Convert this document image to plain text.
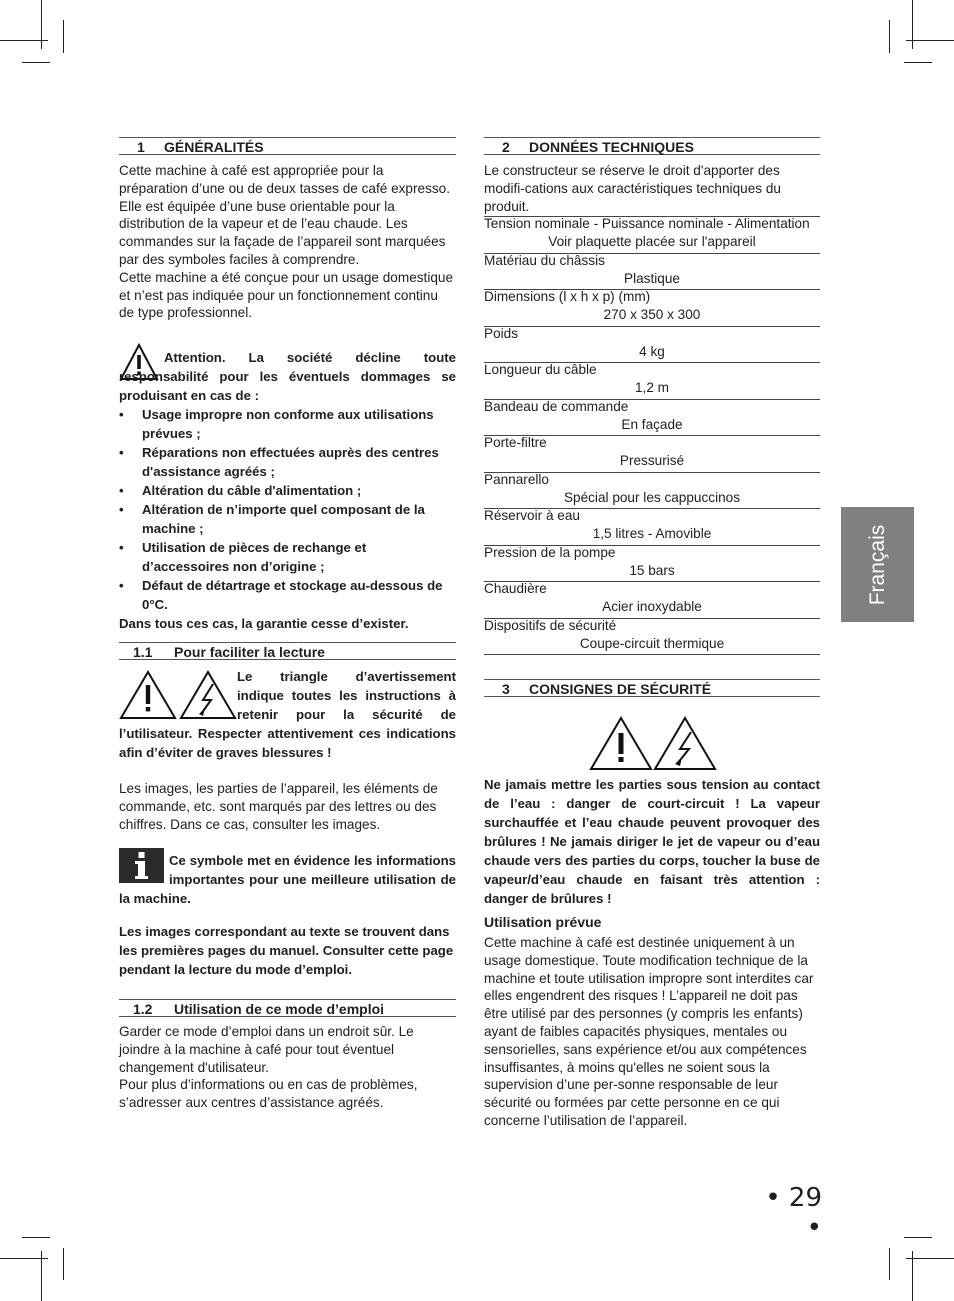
1 GÉNÉRALITÉS
Cette machine à café est appropriée pour la préparation d’une ou de deux tasses de café expresso. Elle est équipée d’une buse orientable pour la distribution de la vapeur et de l’eau chaude. Les commandes sur la façade de l’appareil sont marquées par des symboles faciles à comprendre.
Cette machine a été conçue pour un usage domestique et n’est pas indiquée pour un fonctionnement continu de type professionnel.
Attention. La société décline toute responsabilité pour les éventuels dommages se produisant en cas de :
• Usage impropre non conforme aux utilisations prévues ;
• Réparations non effectuées auprès des centres d'assistance agréés ;
• Altération du câble d'alimentation ;
• Altération de n’importe quel composant de la machine ;
• Utilisation de pièces de rechange et d’accessoires non d’origine ;
• Défaut de détartrage et stockage au-dessous de 0°C.
Dans tous ces cas, la garantie cesse d’exister.
1.1 Pour faciliter la lecture
Le triangle d’avertissement indique toutes les instructions à retenir pour la sécurité de l’utilisateur. Respecter attentivement ces indications afin d’éviter de graves blessures !
Les images, les parties de l’appareil, les éléments de commande, etc. sont marqués par des lettres ou des chiffres. Dans ce cas, consulter les images.
Ce symbole met en évidence les informations importantes pour une meilleure utilisation de la machine.
Les images correspondant au texte se trouvent dans les premières pages du manuel. Consulter cette page pendant la lecture du mode d’emploi.
1.2 Utilisation de ce mode d’emploi
Garder ce mode d’emploi dans un endroit sûr. Le joindre à la machine à café pour tout éventuel changement d'utilisateur.
Pour plus d’informations ou en cas de problèmes, s’adresser aux centres d’assistance agréés.
2 DONNÉES TECHNIQUES
Le constructeur se réserve le droit d'apporter des modifi-cations aux caractéristiques techniques du produit.
Tension nominale - Puissance nominale - Alimentation
Voir plaquette placée sur l'appareil
Matériau du châssis
Plastique
Dimensions (l x h x p) (mm)
270 x 350 x 300
Poids
4 kg
Longueur du câble
1,2 m
Bandeau de commande
En façade
Porte-filtre
Pressurisé
Pannarello
Spécial pour les cappuccinos
Réservoir à eau
1,5 litres - Amovible
Pression de la pompe
15 bars
Chaudière
Acier inoxydable
Dispositifs de sécurité
Coupe-circuit thermique
3 CONSIGNES DE SÉCURITÉ
Ne jamais mettre les parties sous tension au contact de l’eau : danger de court-circuit ! La vapeur surchauffée et l’eau chaude peuvent provoquer des brûlures ! Ne jamais diriger le jet de vapeur ou d’eau chaude vers des parties du corps, toucher la buse de vapeur/d’eau chaude en faisant très attention : danger de brûlures !
Utilisation prévue
Cette machine à café est destinée uniquement à un usage domestique. Toute modification technique de la machine et toute utilisation impropre sont interdites car elles engendrent des risques ! L’appareil ne doit pas être utilisé par des personnes (y compris les enfants) ayant de faibles capacités physiques, mentales ou sensorielles, sans expérience et/ou aux compétences insuffisantes, à moins qu'elles ne soient sous la supervision d’une per-sonne responsable de leur sécurité ou formées par cette personne en ce qui concerne l’utilisation de l’appareil.
Français
• 29 •
